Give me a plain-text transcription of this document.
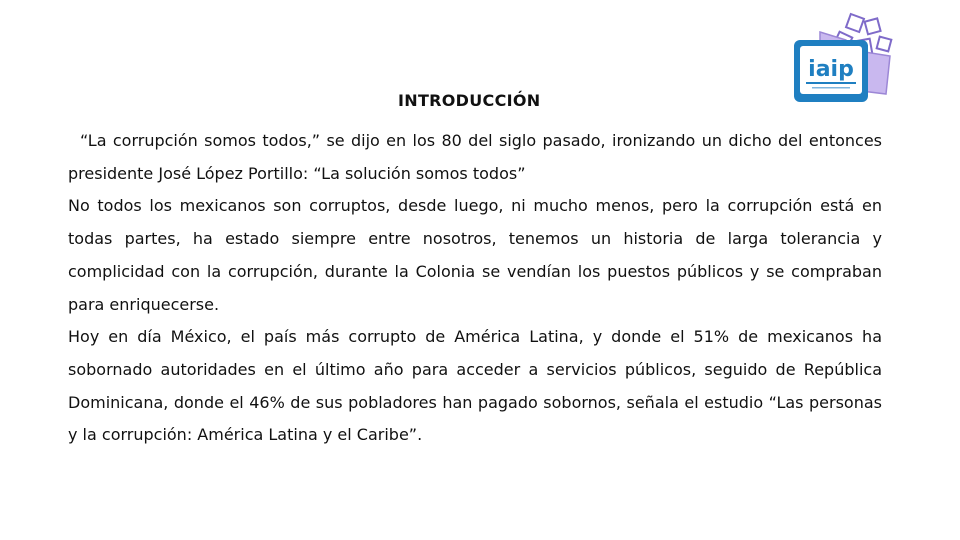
iaip
INTRODUCCIÓN

“La corrupción somos todos,” se dijo en los 80 del siglo pasado, ironizando un dicho del entonces presidente José López Portillo: “La solución somos todos”

No todos los mexicanos son corruptos, desde luego, ni mucho menos, pero la corrupción está en todas partes, ha estado siempre entre nosotros, tenemos un historia de larga tolerancia y complicidad con la corrupción, durante la Colonia se vendían los puestos públicos y se compraban para enriquecerse.

Hoy en día México, el país más corrupto de América Latina, y donde el 51% de mexicanos ha sobornado autoridades en el último año para acceder a servicios públicos, seguido de República Dominicana, donde el 46% de sus pobladores han pagado sobornos, señala el estudio “Las personas y la corrupción: América Latina y el Caribe”.
